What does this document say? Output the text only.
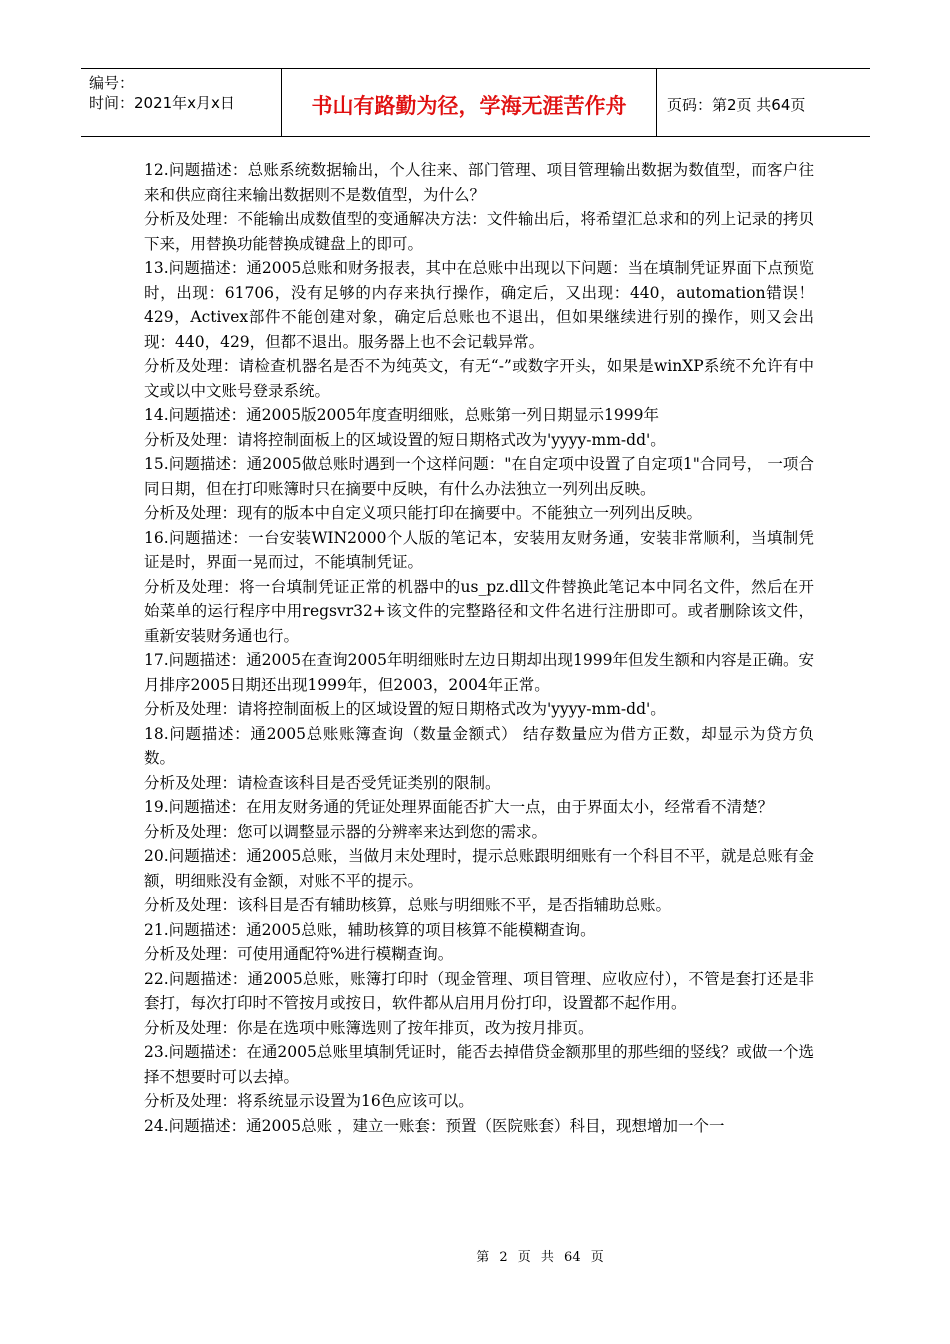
编号：
时间：2021年x月x日	书山有路勤为径，学海无涯苦作舟	页码：第2页 共64页

12.问题描述：总账系统数据输出，个人往来、部门管理、项目管理输出数据为数值型，而客户往来和供应商往来输出数据则不是数值型，为什么？

分析及处理：不能输出成数值型的变通解决方法：文件输出后，将希望汇总求和的列上记录的拷贝下来，用替换功能替换成键盘上的即可。

13.问题描述：通2005总账和财务报表，其中在总账中出现以下问题：当在填制凭证界面下点预览时，出现：61706，没有足够的内存来执行操作，确定后，又出现：440，automation错误！429，Activex部件不能创建对象，确定后总账也不退出，但如果继续进行别的操作，则又会出现：440，429，但都不退出。服务器上也不会记载异常。

分析及处理：请检查机器名是否不为纯英文，有无“-”或数字开头，如果是winXP系统不允许有中文或以中文账号登录系统。

14.问题描述：通2005版2005年度查明细账，总账第一列日期显示1999年

分析及处理：请将控制面板上的区域设置的短日期格式改为'yyyy-mm-dd'。

15.问题描述：通2005做总账时遇到一个这样问题："在自定项中设置了自定项1"合同号， 一项合同日期，但在打印账簿时只在摘要中反映，有什么办法独立一列列出反映。

分析及处理：现有的版本中自定义项只能打印在摘要中。不能独立一列列出反映。

16.问题描述：一台安装WIN2000个人版的笔记本，安装用友财务通，安装非常顺利，当填制凭证是时，界面一晃而过，不能填制凭证。

分析及处理：将一台填制凭证正常的机器中的us_pz.dll文件替换此笔记本中同名文件，然后在开始菜单的运行程序中用regsvr32+该文件的完整路径和文件名进行注册即可。或者删除该文件，重新安装财务通也行。

17.问题描述：通2005在查询2005年明细账时左边日期却出现1999年但发生额和内容是正确。安月排序2005日期还出现1999年，但2003，2004年正常。

分析及处理：请将控制面板上的区域设置的短日期格式改为'yyyy-mm-dd'。

18.问题描述：通2005总账账簿查询（数量金额式） 结存数量应为借方正数，却显示为贷方负数。

分析及处理：请检查该科目是否受凭证类别的限制。

19.问题描述：在用友财务通的凭证处理界面能否扩大一点，由于界面太小，经常看不清楚？

分析及处理：您可以调整显示器的分辨率来达到您的需求。

20.问题描述：通2005总账，当做月末处理时，提示总账跟明细账有一个科目不平，就是总账有金额，明细账没有金额，对账不平的提示。

分析及处理：该科目是否有辅助核算，总账与明细账不平，是否指辅助总账。

21.问题描述：通2005总账，辅助核算的项目核算不能模糊查询。

分析及处理：可使用通配符%进行模糊查询。

22.问题描述：通2005总账，账簿打印时（现金管理、项目管理、应收应付），不管是套打还是非套打，每次打印时不管按月或按日，软件都从启用月份打印，设置都不起作用。

分析及处理：你是在选项中账簿选则了按年排页，改为按月排页。

23.问题描述：在通2005总账里填制凭证时，能否去掉借贷金额那里的那些细的竖线？或做一个选择不想要时可以去掉。

分析及处理：将系统显示设置为16色应该可以。

24.问题描述：通2005总账 ，建立一账套：预置（医院账套）科目，现想增加一个一

第 2 页 共 64 页
